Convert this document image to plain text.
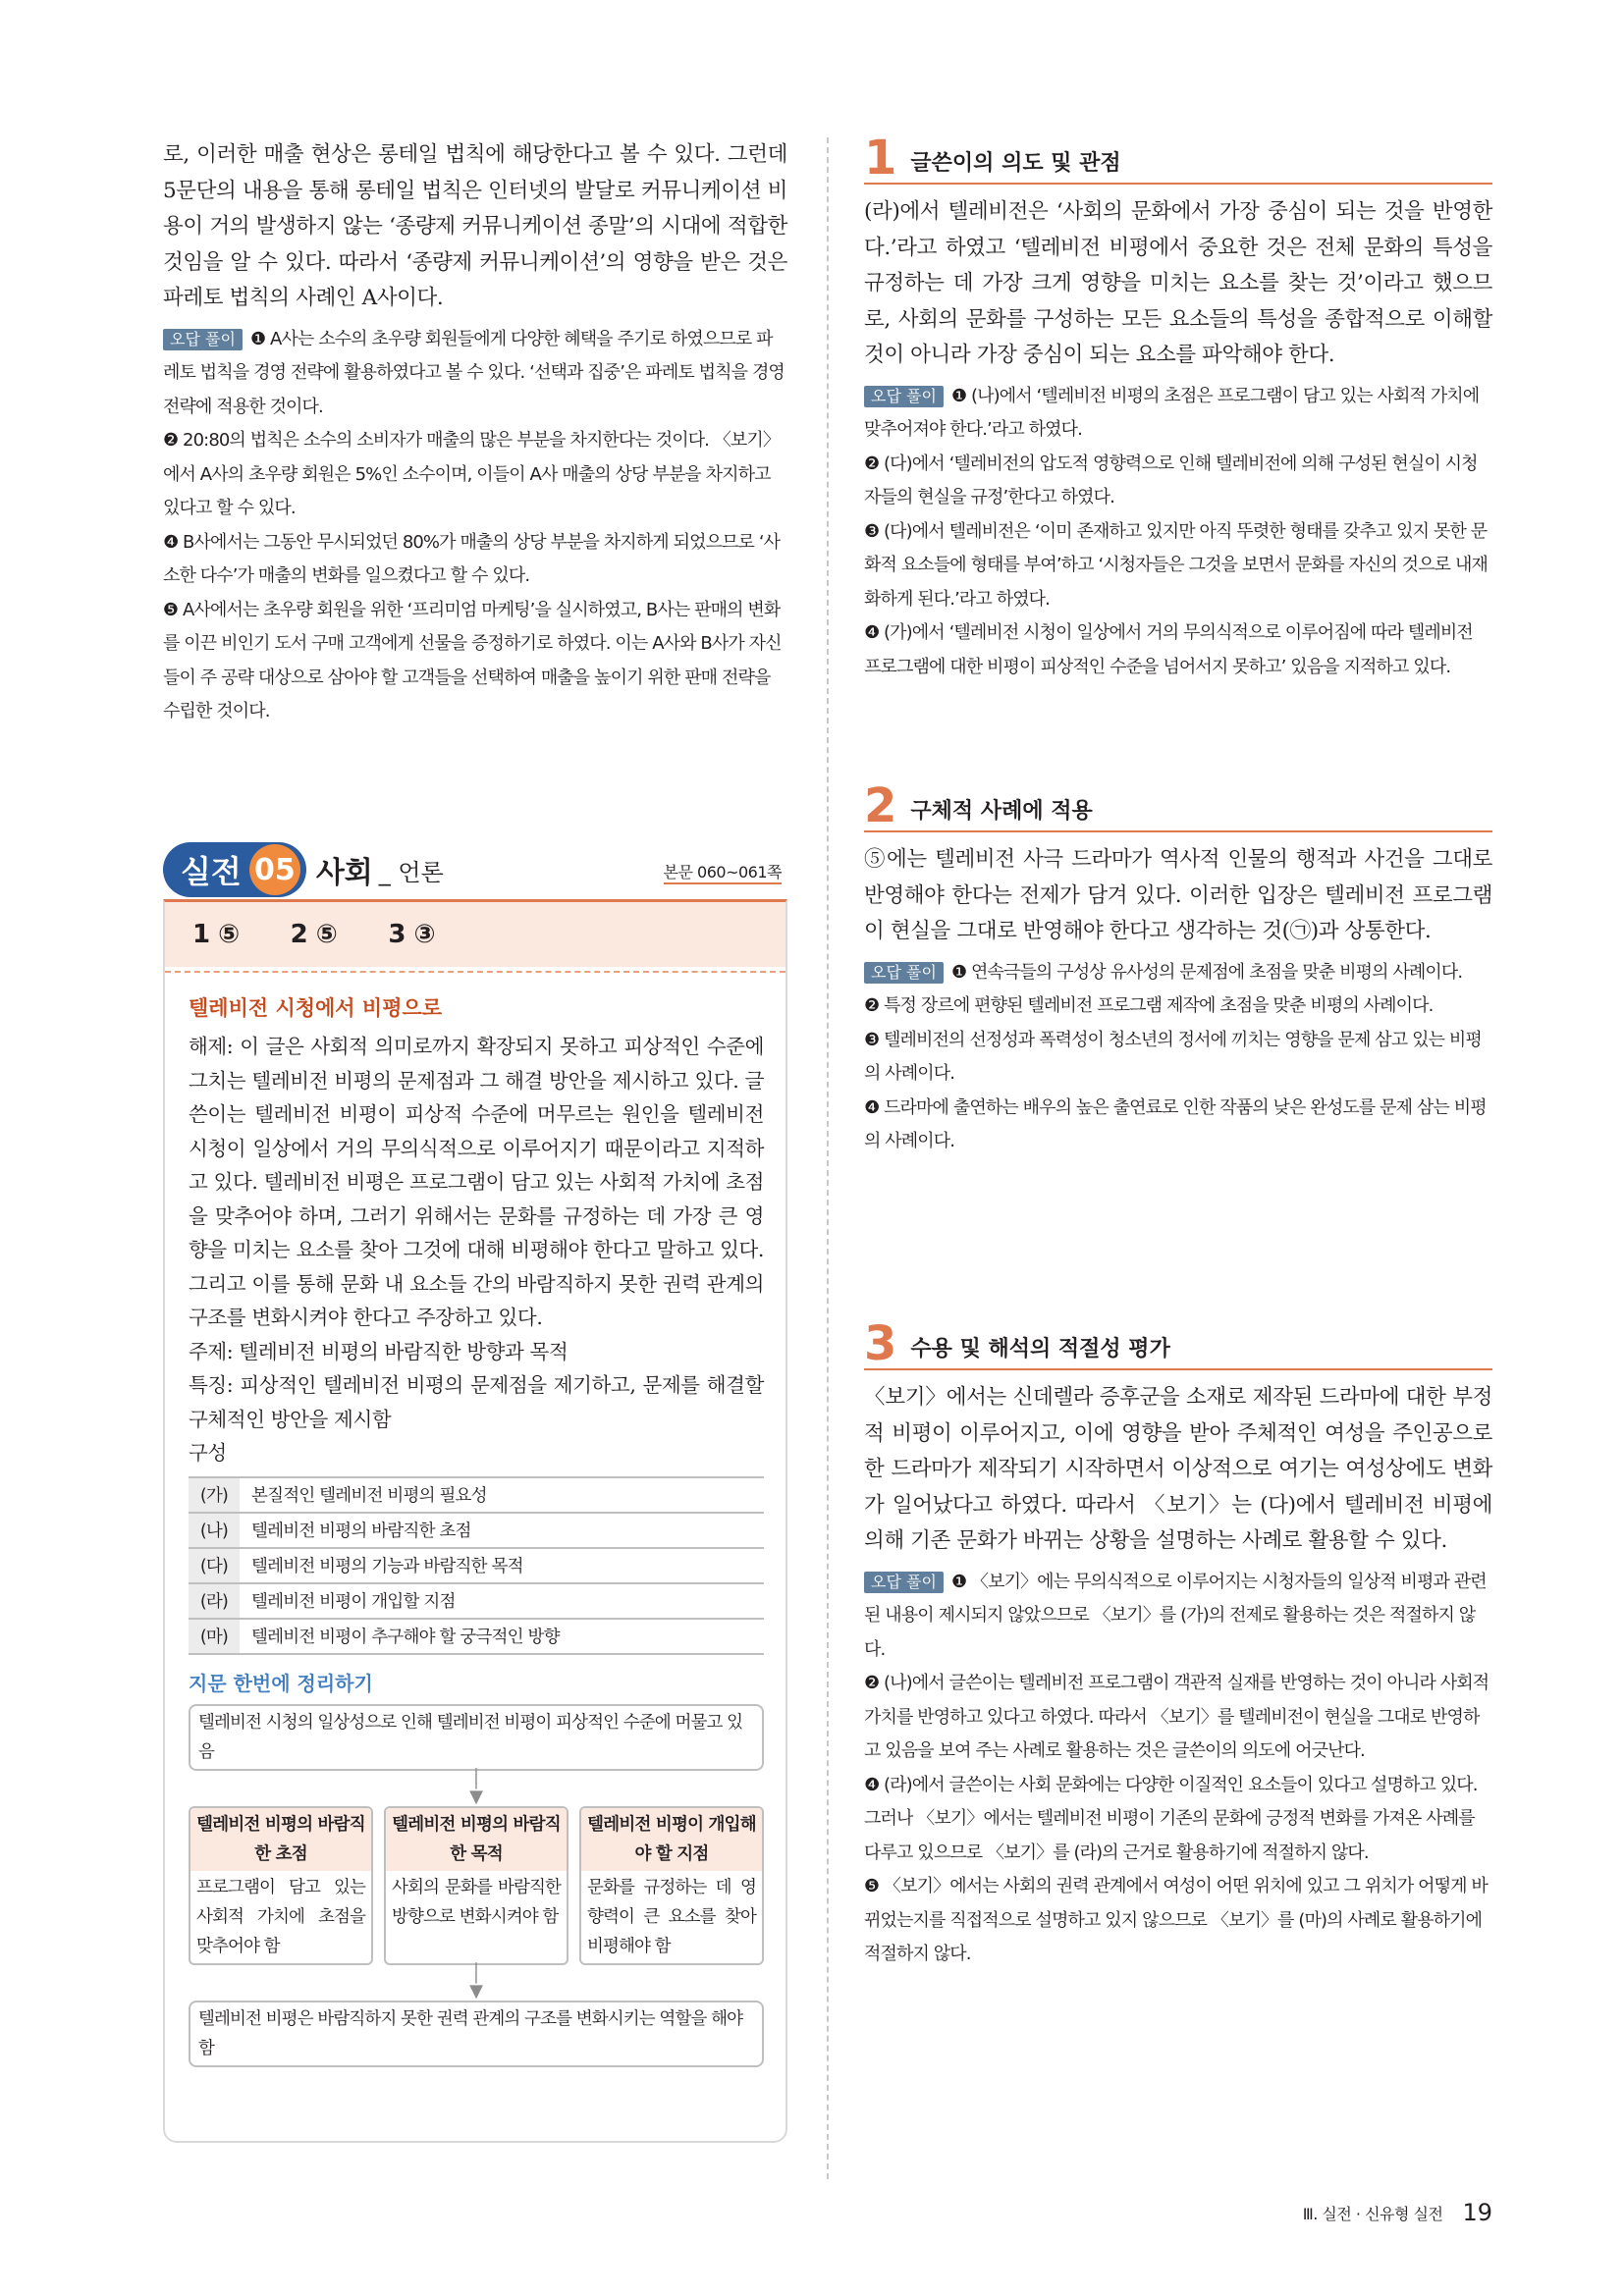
로, 이러한 매출 현상은 롱테일 법칙에 해당한다고 볼 수 있다. 그런데 5문단의 내용을 통해 롱테일 법칙은 인터넷의 발달로 커뮤니케이션 비용이 거의 발생하지 않는 ‘종량제 커뮤니케이션 종말’의 시대에 적합한 것임을 알 수 있다. 따라서 ‘종량제 커뮤니케이션’의 영향을 받은 것은 파레토 법칙의 사례인 A사이다.

오답 풀이 ❶ A사는 소수의 초우량 회원들에게 다양한 혜택을 주기로 하였으므로 파레토 법칙을 경영 전략에 활용하였다고 볼 수 있다. ‘선택과 집중’은 파레토 법칙을 경영 전략에 적용한 것이다.

❷ 20:80의 법칙은 소수의 소비자가 매출의 많은 부분을 차지한다는 것이다. 〈보기〉에서 A사의 초우량 회원은 5%인 소수이며, 이들이 A사 매출의 상당 부분을 차지하고 있다고 할 수 있다.

❹ B사에서는 그동안 무시되었던 80%가 매출의 상당 부분을 차지하게 되었으므로 ‘사소한 다수’가 매출의 변화를 일으켰다고 할 수 있다.

❺ A사에서는 초우량 회원을 위한 ‘프리미엄 마케팅’을 실시하였고, B사는 판매의 변화를 이끈 비인기 도서 구매 고객에게 선물을 증정하기로 하였다. 이는 A사와 B사가 자신들이 주 공략 대상으로 삼아야 할 고객들을 선택하여 매출을 높이기 위한 판매 전략을 수립한 것이다.

1 ⑤ 2 ⑤ 3 ③
텔레비전 시청에서 비평으로

해제: 이 글은 사회적 의미로까지 확장되지 못하고 피상적인 수준에 그치는 텔레비전 비평의 문제점과 그 해결 방안을 제시하고 있다. 글쓴이는 텔레비전 비평이 피상적 수준에 머무르는 원인을 텔레비전 시청이 일상에서 거의 무의식적으로 이루어지기 때문이라고 지적하고 있다. 텔레비전 비평은 프로그램이 담고 있는 사회적 가치에 초점을 맞추어야 하며, 그러기 위해서는 문화를 규정하는 데 가장 큰 영향을 미치는 요소를 찾아 그것에 대해 비평해야 한다고 말하고 있다. 그리고 이를 통해 문화 내 요소들 간의 바람직하지 못한 권력 관계의 구조를 변화시켜야 한다고 주장하고 있다.

주제: 텔레비전 비평의 바람직한 방향과 목적

특징: 피상적인 텔레비전 비평의 문제점을 제기하고, 문제를 해결할 구체적인 방안을 제시함

구성

(가)	본질적인 텔레비전 비평의 필요성
(나)	텔레비전 비평의 바람직한 초점
(다)	텔레비전 비평의 기능과 바람직한 목적
(라)	텔레비전 비평이 개입할 지점
(마)	텔레비전 비평이 추구해야 할 궁극적인 방향
지문 한번에 정리하기
텔레비전 시청의 일상성으로 인해 텔레비전 비평이 피상적인 수준에 머물고 있음
│
▼
텔레비전 비평의 바람직한 초점
프로그램이 담고 있는 사회적 가치에 초점을 맞추어야 함
텔레비전 비평의 바람직한 목적
사회의 문화를 바람직한 방향으로 변화시켜야 함
텔레비전 비평이 개입해야 할 지점
문화를 규정하는 데 영향력이 큰 요소를 찾아 비평해야 함
│
▼
텔레비전 비평은 바람직하지 못한 권력 관계의 구조를 변화시키는 역할을 해야 함
실전 05 사회 _ 언론	본문 060~061쪽
1 글쓴이의 의도 및 관점

(라)에서 텔레비전은 ‘사회의 문화에서 가장 중심이 되는 것을 반영한다.’라고 하였고 ‘텔레비전 비평에서 중요한 것은 전체 문화의 특성을 규정하는 데 가장 크게 영향을 미치는 요소를 찾는 것’이라고 했으므로, 사회의 문화를 구성하는 모든 요소들의 특성을 종합적으로 이해할 것이 아니라 가장 중심이 되는 요소를 파악해야 한다.

오답 풀이 ❶ (나)에서 ‘텔레비전 비평의 초점은 프로그램이 담고 있는 사회적 가치에 맞추어져야 한다.’라고 하였다.

❷ (다)에서 ‘텔레비전의 압도적 영향력으로 인해 텔레비전에 의해 구성된 현실이 시청자들의 현실을 규정’한다고 하였다.

❸ (다)에서 텔레비전은 ‘이미 존재하고 있지만 아직 뚜렷한 형태를 갖추고 있지 못한 문화적 요소들에 형태를 부여’하고 ‘시청자들은 그것을 보면서 문화를 자신의 것으로 내재화하게 된다.’라고 하였다.

❹ (가)에서 ‘텔레비전 시청이 일상에서 거의 무의식적으로 이루어짐에 따라 텔레비전 프로그램에 대한 비평이 피상적인 수준을 넘어서지 못하고’ 있음을 지적하고 있다.

2 구체적 사례에 적용

⑤에는 텔레비전 사극 드라마가 역사적 인물의 행적과 사건을 그대로 반영해야 한다는 전제가 담겨 있다. 이러한 입장은 텔레비전 프로그램이 현실을 그대로 반영해야 한다고 생각하는 것(㉠)과 상통한다.

오답 풀이 ❶ 연속극들의 구성상 유사성의 문제점에 초점을 맞춘 비평의 사례이다.

❷ 특정 장르에 편향된 텔레비전 프로그램 제작에 초점을 맞춘 비평의 사례이다.

❸ 텔레비전의 선정성과 폭력성이 청소년의 정서에 끼치는 영향을 문제 삼고 있는 비평의 사례이다.

❹ 드라마에 출연하는 배우의 높은 출연료로 인한 작품의 낮은 완성도를 문제 삼는 비평의 사례이다.

3 수용 및 해석의 적절성 평가

〈보기〉에서는 신데렐라 증후군을 소재로 제작된 드라마에 대한 부정적 비평이 이루어지고, 이에 영향을 받아 주체적인 여성을 주인공으로 한 드라마가 제작되기 시작하면서 이상적으로 여기는 여성상에도 변화가 일어났다고 하였다. 따라서 〈보기〉는 (다)에서 텔레비전 비평에 의해 기존 문화가 바뀌는 상황을 설명하는 사례로 활용할 수 있다.

오답 풀이 ❶ 〈보기〉에는 무의식적으로 이루어지는 시청자들의 일상적 비평과 관련된 내용이 제시되지 않았으므로 〈보기〉를 (가)의 전제로 활용하는 것은 적절하지 않다.

❷ (나)에서 글쓴이는 텔레비전 프로그램이 객관적 실재를 반영하는 것이 아니라 사회적 가치를 반영하고 있다고 하였다. 따라서 〈보기〉를 텔레비전이 현실을 그대로 반영하고 있음을 보여 주는 사례로 활용하는 것은 글쓴이의 의도에 어긋난다.

❹ (라)에서 글쓴이는 사회 문화에는 다양한 이질적인 요소들이 있다고 설명하고 있다. 그러나 〈보기〉에서는 텔레비전 비평이 기존의 문화에 긍정적 변화를 가져온 사례를 다루고 있으므로 〈보기〉를 (라)의 근거로 활용하기에 적절하지 않다.

❺ 〈보기〉에서는 사회의 권력 관계에서 여성이 어떤 위치에 있고 그 위치가 어떻게 바뀌었는지를 직접적으로 설명하고 있지 않으므로 〈보기〉를 (마)의 사례로 활용하기에 적절하지 않다.

Ⅲ. 실전 · 신유형 실전 19
